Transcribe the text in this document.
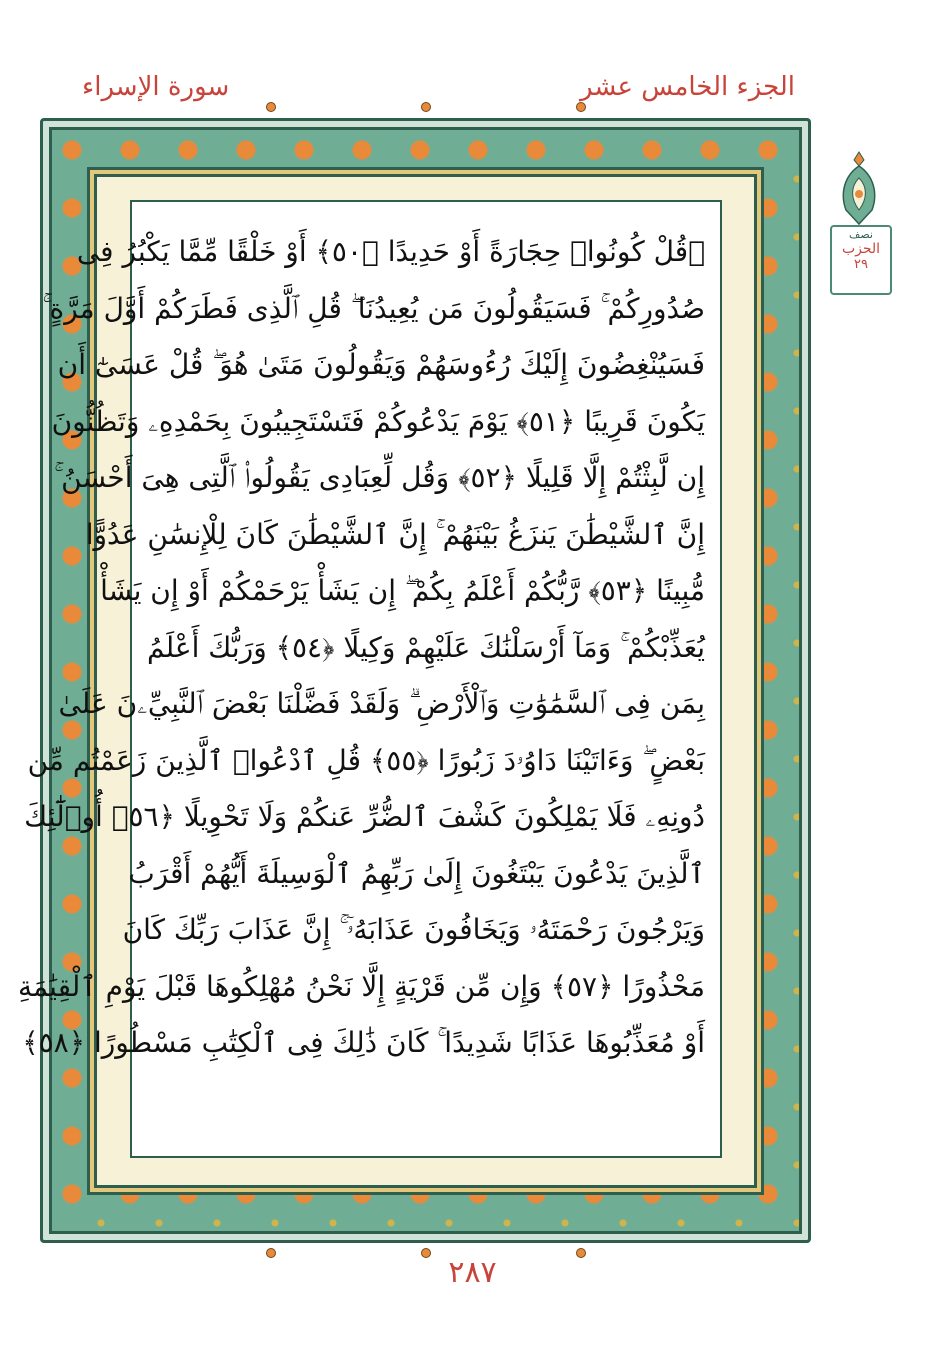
الجزء الخامس عشر
سورة الإسراء
۞قُلْ كُونُوا۟ حِجَارَةً أَوْ حَدِيدًا ﴿٥٠﴾ أَوْ خَلْقًا مِّمَّا يَكْبُرُ فِى
صُدُورِكُمْ ۚ فَسَيَقُولُونَ مَن يُعِيدُنَا ۖ قُلِ ٱلَّذِى فَطَرَكُمْ أَوَّلَ مَرَّةٍ ۚ
فَسَيُنْغِضُونَ إِلَيْكَ رُءُوسَهُمْ وَيَقُولُونَ مَتَىٰ هُوَ ۖ قُلْ عَسَىٰٓ أَن
يَكُونَ قَرِيبًا ﴿٥١﴾ يَوْمَ يَدْعُوكُمْ فَتَسْتَجِيبُونَ بِحَمْدِهِۦ وَتَظُنُّونَ
إِن لَّبِثْتُمْ إِلَّا قَلِيلًا ﴿٥٢﴾ وَقُل لِّعِبَادِى يَقُولُوا۟ ٱلَّتِى هِىَ أَحْسَنُ ۚ
إِنَّ ٱلشَّيْطَٰنَ يَنزَغُ بَيْنَهُمْ ۚ إِنَّ ٱلشَّيْطَٰنَ كَانَ لِلْإِنسَٰنِ عَدُوًّا
مُّبِينًا ﴿٥٣﴾ رَّبُّكُمْ أَعْلَمُ بِكُمْ ۖ إِن يَشَأْ يَرْحَمْكُمْ أَوْ إِن يَشَأْ
يُعَذِّبْكُمْ ۚ وَمَآ أَرْسَلْنَٰكَ عَلَيْهِمْ وَكِيلًا ﴿٥٤﴾ وَرَبُّكَ أَعْلَمُ
بِمَن فِى ٱلسَّمَٰوَٰتِ وَٱلْأَرْضِ ۗ وَلَقَدْ فَضَّلْنَا بَعْضَ ٱلنَّبِيِّۦنَ عَلَىٰ
بَعْضٍ ۖ وَءَاتَيْنَا دَاوُۥدَ زَبُورًا ﴿٥٥﴾ قُلِ ٱدْعُوا۟ ٱلَّذِينَ زَعَمْتُم مِّن
دُونِهِۦ فَلَا يَمْلِكُونَ كَشْفَ ٱلضُّرِّ عَنكُمْ وَلَا تَحْوِيلًا ﴿٥٦﴾ أُو۟لَٰٓئِكَ
ٱلَّذِينَ يَدْعُونَ يَبْتَغُونَ إِلَىٰ رَبِّهِمُ ٱلْوَسِيلَةَ أَيُّهُمْ أَقْرَبُ
وَيَرْجُونَ رَحْمَتَهُۥ وَيَخَافُونَ عَذَابَهُۥٓ ۚ إِنَّ عَذَابَ رَبِّكَ كَانَ
مَحْذُورًا ﴿٥٧﴾ وَإِن مِّن قَرْيَةٍ إِلَّا نَحْنُ مُهْلِكُوهَا قَبْلَ يَوْمِ ٱلْقِيَٰمَةِ
أَوْ مُعَذِّبُوهَا عَذَابًا شَدِيدًا ۚ كَانَ ذَٰلِكَ فِى ٱلْكِتَٰبِ مَسْطُورًا ﴿٥٨﴾
نصف
الحزب
٢٩
٢٨٧
